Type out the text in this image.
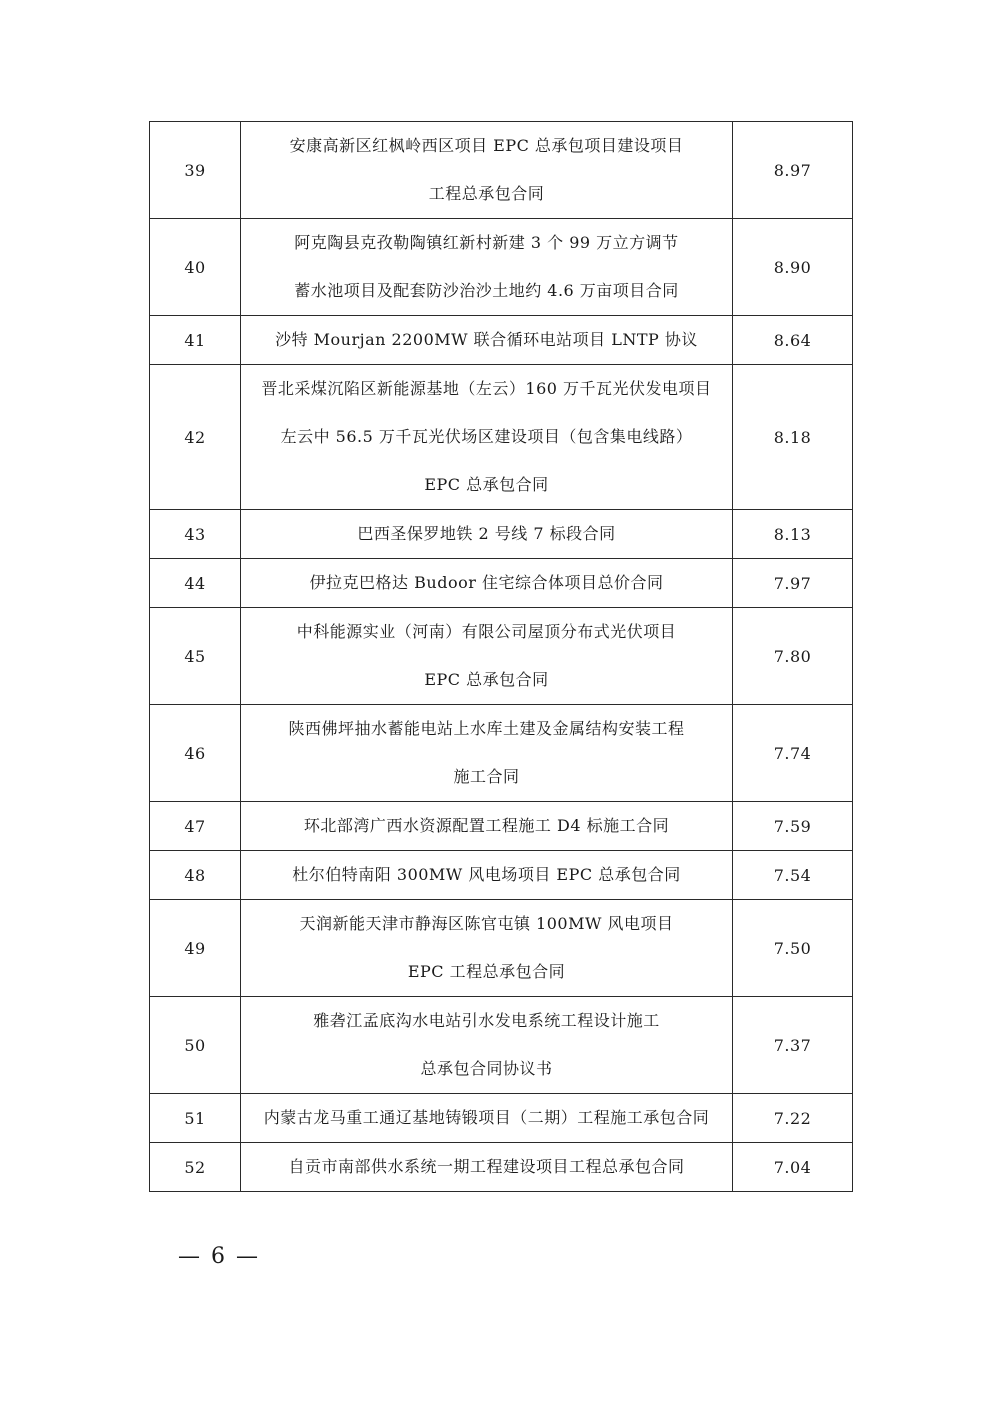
39	安康高新区红枫岭西区项目 EPC 总承包项目建设项目
工程总承包合同	8.97
40	阿克陶县克孜勒陶镇红新村新建 3 个 99 万立方调节
蓄水池项目及配套防沙治沙土地约 4.6 万亩项目合同	8.90
41	沙特 Mourjan 2200MW 联合循环电站项目 LNTP 协议	8.64
42	晋北采煤沉陷区新能源基地（左云）160 万千瓦光伏发电项目
左云中 56.5 万千瓦光伏场区建设项目（包含集电线路）
EPC 总承包合同	8.18
43	巴西圣保罗地铁 2 号线 7 标段合同	8.13
44	伊拉克巴格达 Budoor 住宅综合体项目总价合同	7.97
45	中科能源实业（河南）有限公司屋顶分布式光伏项目
EPC 总承包合同	7.80
46	陕西佛坪抽水蓄能电站上水库土建及金属结构安装工程
施工合同	7.74
47	环北部湾广西水资源配置工程施工 D4 标施工合同	7.59
48	杜尔伯特南阳 300MW 风电场项目 EPC 总承包合同	7.54
49	天润新能天津市静海区陈官屯镇 100MW 风电项目
EPC 工程总承包合同	7.50
50	雅砻江孟底沟水电站引水发电系统工程设计施工
总承包合同协议书	7.37
51	内蒙古龙马重工通辽基地铸锻项目（二期）工程施工承包合同	7.22
52	自贡市南部供水系统一期工程建设项目工程总承包合同	7.04
— 6 —
